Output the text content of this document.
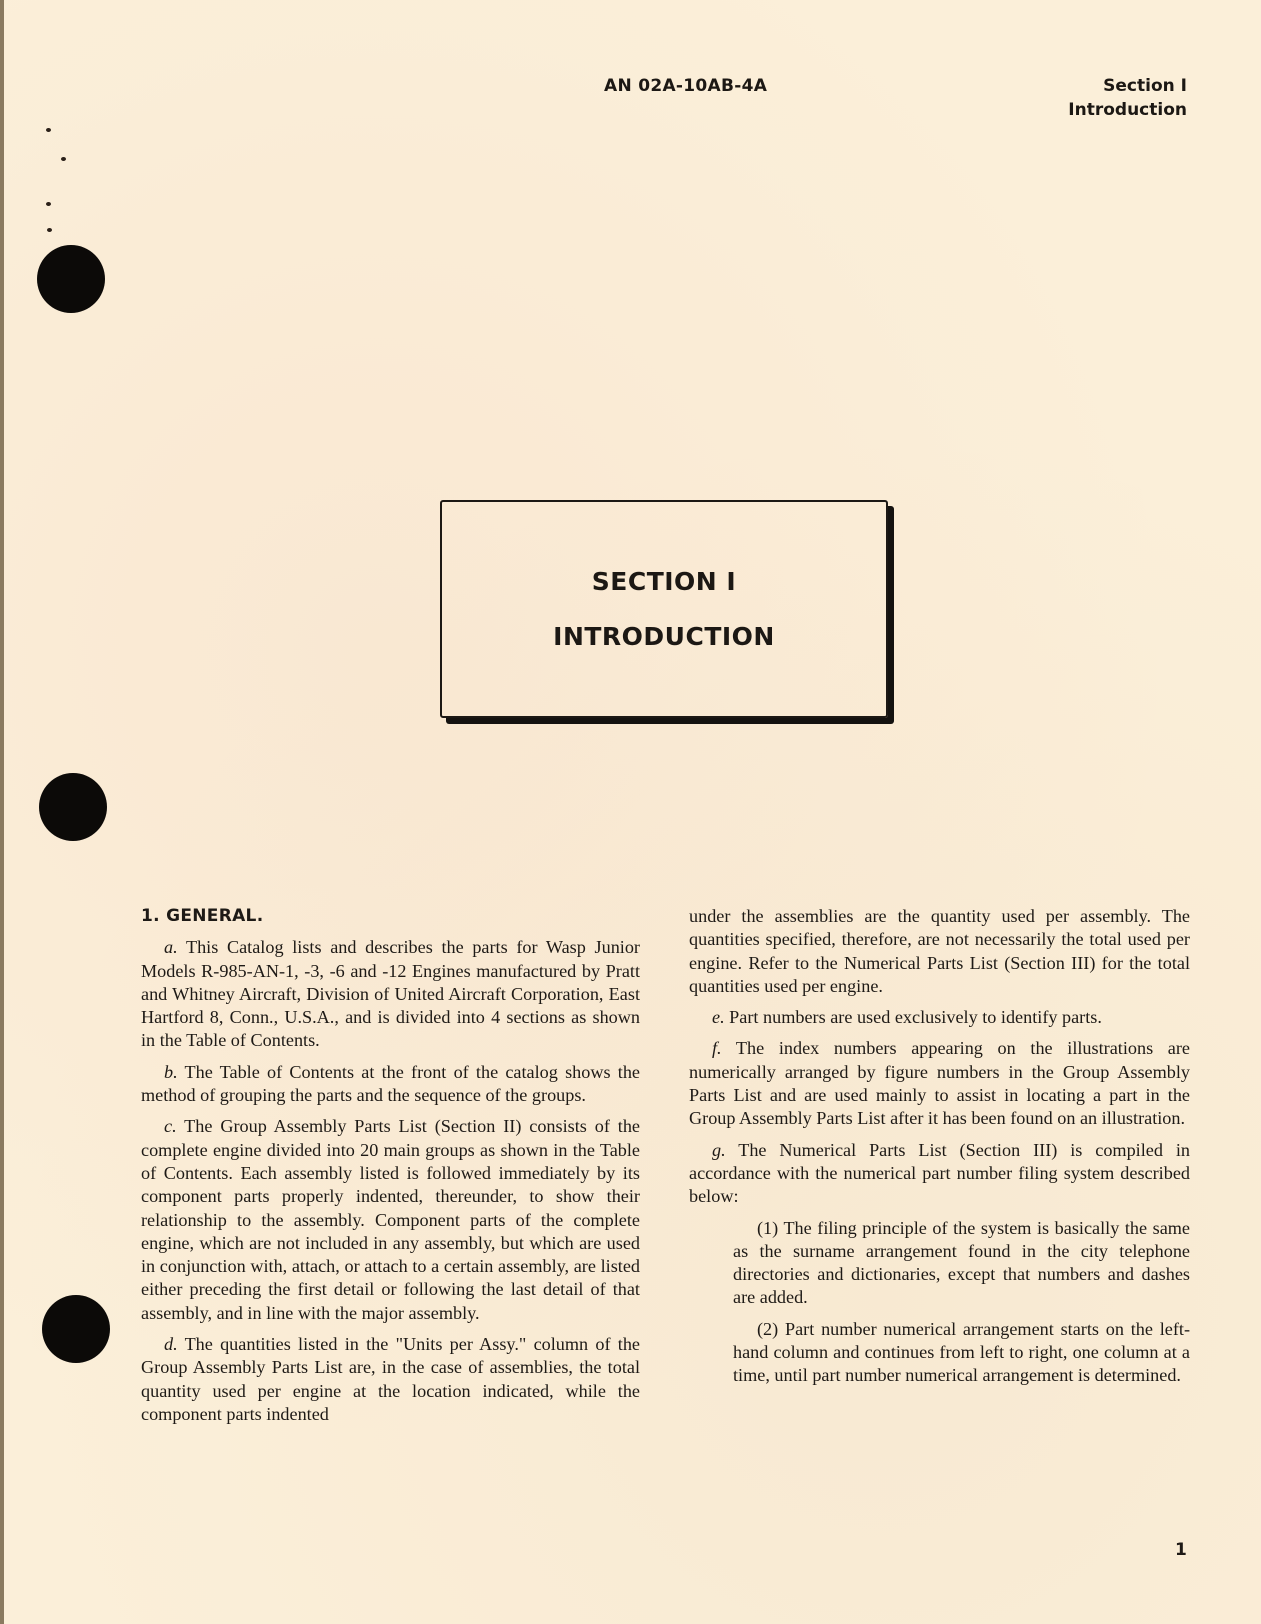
AN 02A-10AB-4A	Section I
Introduction
SECTION I
INTRODUCTION
1. GENERAL.

a. This Catalog lists and describes the parts for Wasp Junior Models R-985-AN-1, -3, -6 and -12 Engines manufactured by Pratt and Whitney Aircraft, Division of United Aircraft Corporation, East Hartford 8, Conn., U.S.A., and is divided into 4 sections as shown in the Table of Contents.

b. The Table of Contents at the front of the catalog shows the method of grouping the parts and the sequence of the groups.

c. The Group Assembly Parts List (Section II) consists of the complete engine divided into 20 main groups as shown in the Table of Contents. Each assembly listed is followed immediately by its component parts properly indented, thereunder, to show their relationship to the assembly. Component parts of the complete engine, which are not included in any assembly, but which are used in conjunction with, attach, or attach to a certain assembly, are listed either preceding the first detail or following the last detail of that assembly, and in line with the major assembly.

d. The quantities listed in the "Units per Assy." column of the Group Assembly Parts List are, in the case of assemblies, the total quantity used per engine at the location indicated, while the component parts indented

under the assemblies are the quantity used per assembly. The quantities specified, therefore, are not necessarily the total used per engine. Refer to the Numerical Parts List (Section III) for the total quantities used per engine.

e. Part numbers are used exclusively to identify parts.

f. The index numbers appearing on the illustrations are numerically arranged by figure numbers in the Group Assembly Parts List and are used mainly to assist in locating a part in the Group Assembly Parts List after it has been found on an illustration.

g. The Numerical Parts List (Section III) is compiled in accordance with the numerical part number filing system described below:

(1) The filing principle of the system is basically the same as the surname arrangement found in the city telephone directories and dictionaries, except that numbers and dashes are added.

(2) Part number numerical arrangement starts on the left-hand column and continues from left to right, one column at a time, until part number numerical arrangement is determined.

1
